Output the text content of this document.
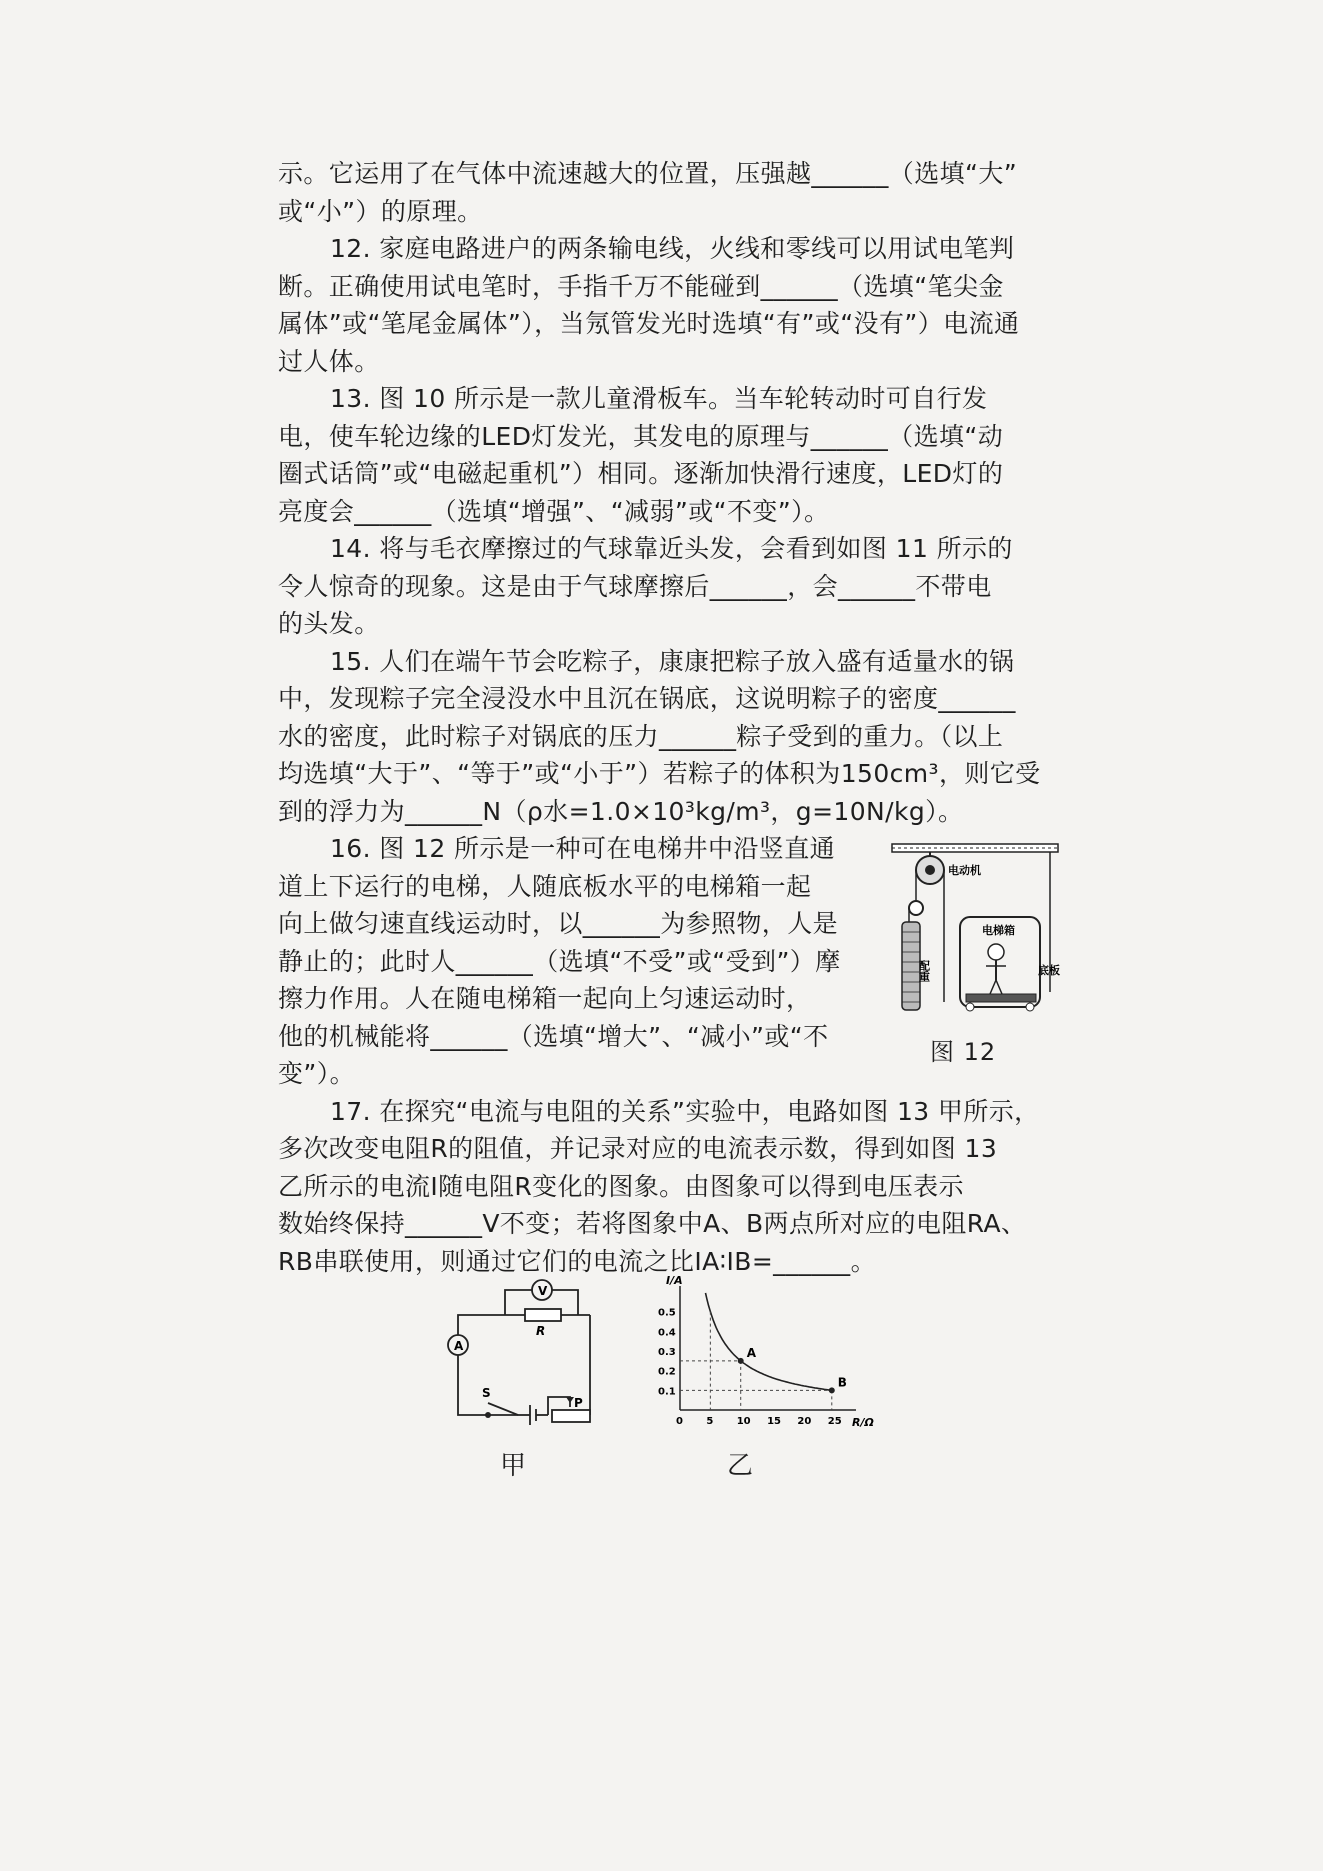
示。它运用了在气体中流速越大的位置，压强越______（选填“大”
或“小”）的原理。
12. 家庭电路进户的两条输电线，火线和零线可以用试电笔判
断。正确使用试电笔时，手指千万不能碰到______（选填“笔尖金
属体”或“笔尾金属体”），当氖管发光时选填“有”或“没有”）电流通
过人体。
13. 图 10 所示是一款儿童滑板车。当车轮转动时可自行发
电，使车轮边缘的LED灯发光，其发电的原理与______（选填“动
圈式话筒”或“电磁起重机”）相同。逐渐加快滑行速度，LED灯的
亮度会______（选填“增强”、“减弱”或“不变”）。
14. 将与毛衣摩擦过的气球靠近头发，会看到如图 11 所示的
令人惊奇的现象。这是由于气球摩擦后______，会______不带电
的头发。
15. 人们在端午节会吃粽子，康康把粽子放入盛有适量水的锅
中，发现粽子完全浸没水中且沉在锅底，这说明粽子的密度______
水的密度，此时粽子对锅底的压力______粽子受到的重力。（以上
均选填“大于”、“等于”或“小于”）若粽子的体积为150cm³，则它受
到的浮力为______N（ρ水=1.0×10³kg/m³，g=10N/kg）。
16. 图 12 所示是一种可在电梯井中沿竖直通
道上下运行的电梯，人随底板水平的电梯箱一起
向上做匀速直线运动时，以______为参照物，人是
静止的；此时人______（选填“不受”或“受到”）摩
擦力作用。人在随电梯箱一起向上匀速运动时，
他的机械能将______（选填“增大”、“减小”或“不
变”）。
17. 在探究“电流与电阻的关系”实验中，电路如图 13 甲所示，
多次改变电阻R的阻值，并记录对应的电流表示数，得到如图 13
乙所示的电流I随电阻R变化的图象。由图象可以得到电压表示
数始终保持______V不变；若将图象中A、B两点所对应的电阻RA、
RB串联使用，则通过它们的电流之比IA∶IB=______。
电动机
配重
电梯箱
底板
图 12
A
V
R
S
P
I/A
R/Ω
0.5
0.4
0.3
0.2
0.1
0 5 10 15 20 25
A
B
甲	乙
